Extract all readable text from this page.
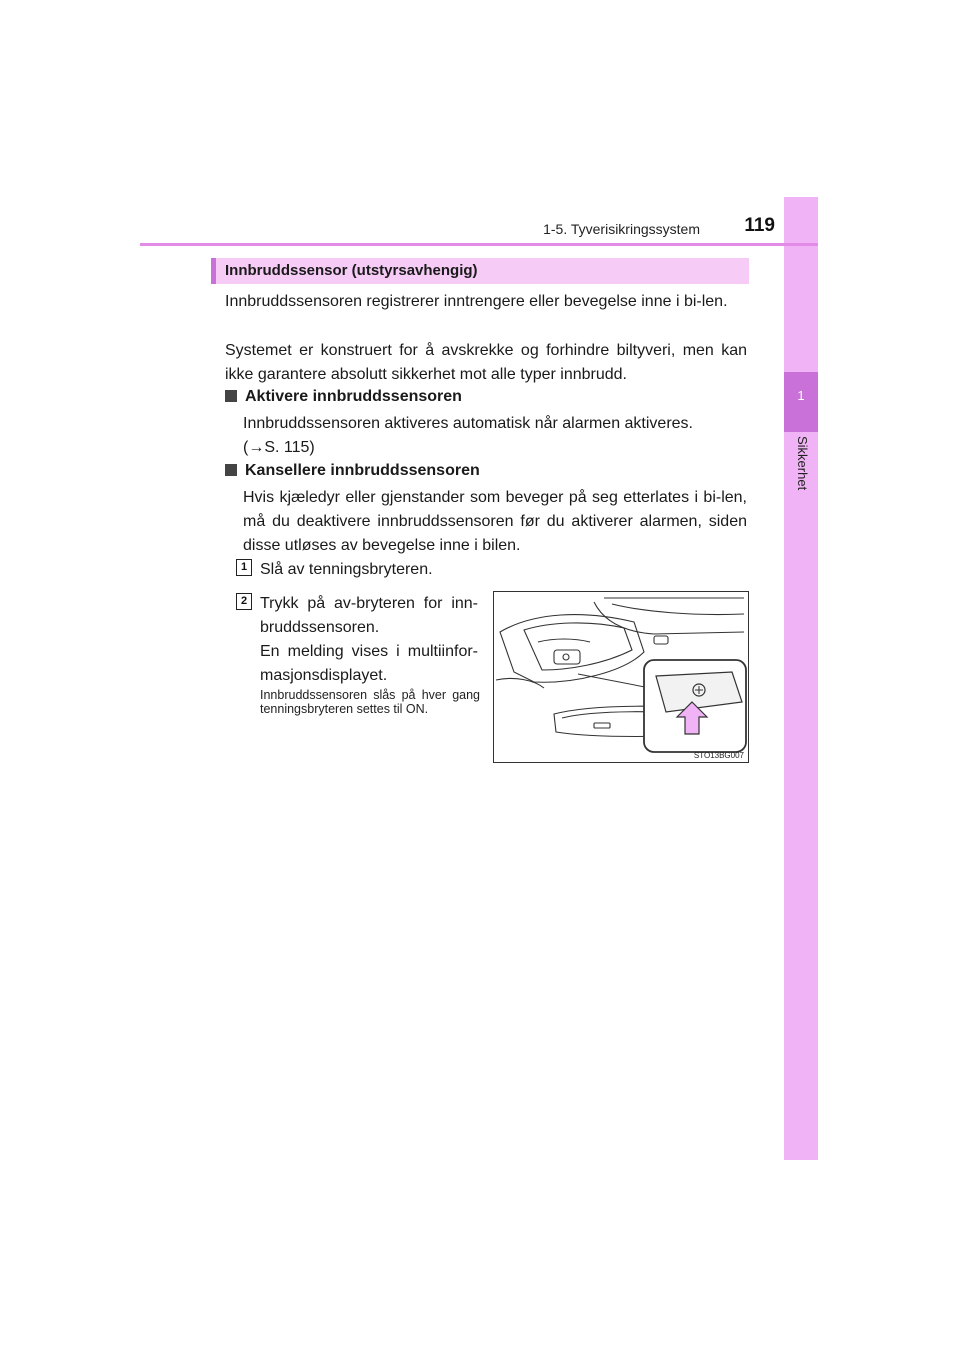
1
Sikkerhet
1-5. Tyverisikringssystem	119
Innbruddssensor (utstyrsavhengig)
Innbruddssensoren registrerer inntrengere eller bevegelse inne i bi-len.
Systemet er konstruert for å avskrekke og forhindre biltyveri, men kan ikke garantere absolutt sikkerhet mot alle typer innbrudd.
Aktivere innbruddssensoren
Innbruddssensoren aktiveres automatisk når alarmen aktiveres.
(→S. 115)
Kansellere innbruddssensoren
Hvis kjæledyr eller gjenstander som beveger på seg etterlates i bi-len, må du deaktivere innbruddssensoren før du aktiverer alarmen, siden disse utløses av bevegelse inne i bilen.
1 Slå av tenningsbryteren.
2 Trykk på av-bryteren for inn-bruddssensoren.
En melding vises i multiinfor-masjonsdisplayet.
Innbruddssensoren slås på hver gang tenningsbryteren settes til ON.
STO13BG007
